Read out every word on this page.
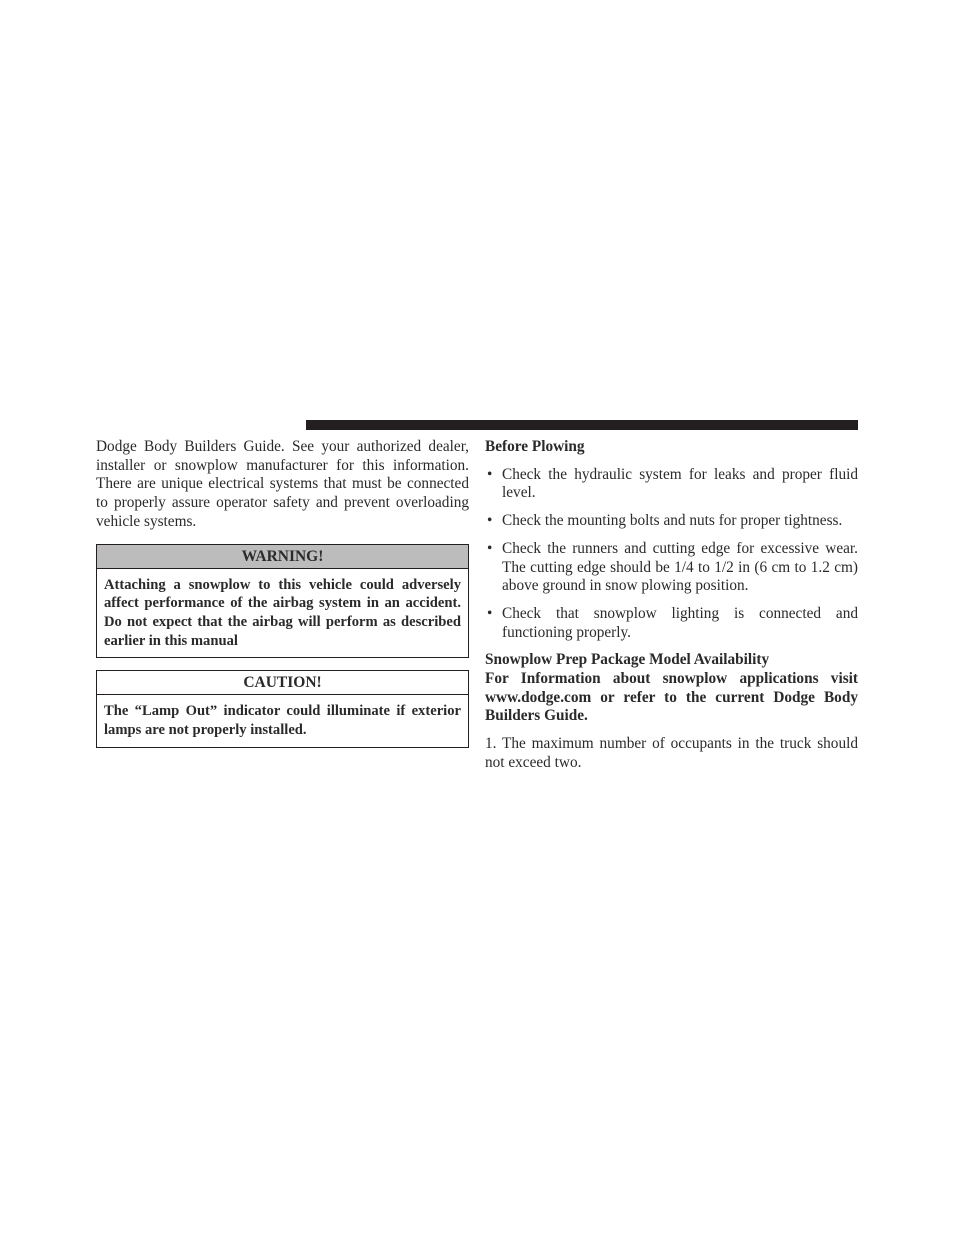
Dodge Body Builders Guide. See your authorized dealer, installer or snowplow manufacturer for this information. There are unique electrical systems that must be connected to properly assure operator safety and prevent overloading vehicle systems.

WARNING!
Attaching a snowplow to this vehicle could adversely affect performance of the airbag system in an accident. Do not expect that the airbag will perform as described earlier in this manual
CAUTION!
The “Lamp Out” indicator could illuminate if exterior lamps are not properly installed.
Before Plowing
• Check the hydraulic system for leaks and proper fluid level.
• Check the mounting bolts and nuts for proper tightness.
• Check the runners and cutting edge for excessive wear. The cutting edge should be 1/4 to 1/2 in (6 cm to 1.2 cm) above ground in snow plowing position.
• Check that snowplow lighting is connected and functioning properly.
Snowplow Prep Package Model Availability

For Information about snowplow applications visit www.dodge.com or refer to the current Dodge Body Builders Guide.

1. The maximum number of occupants in the truck should not exceed two.
